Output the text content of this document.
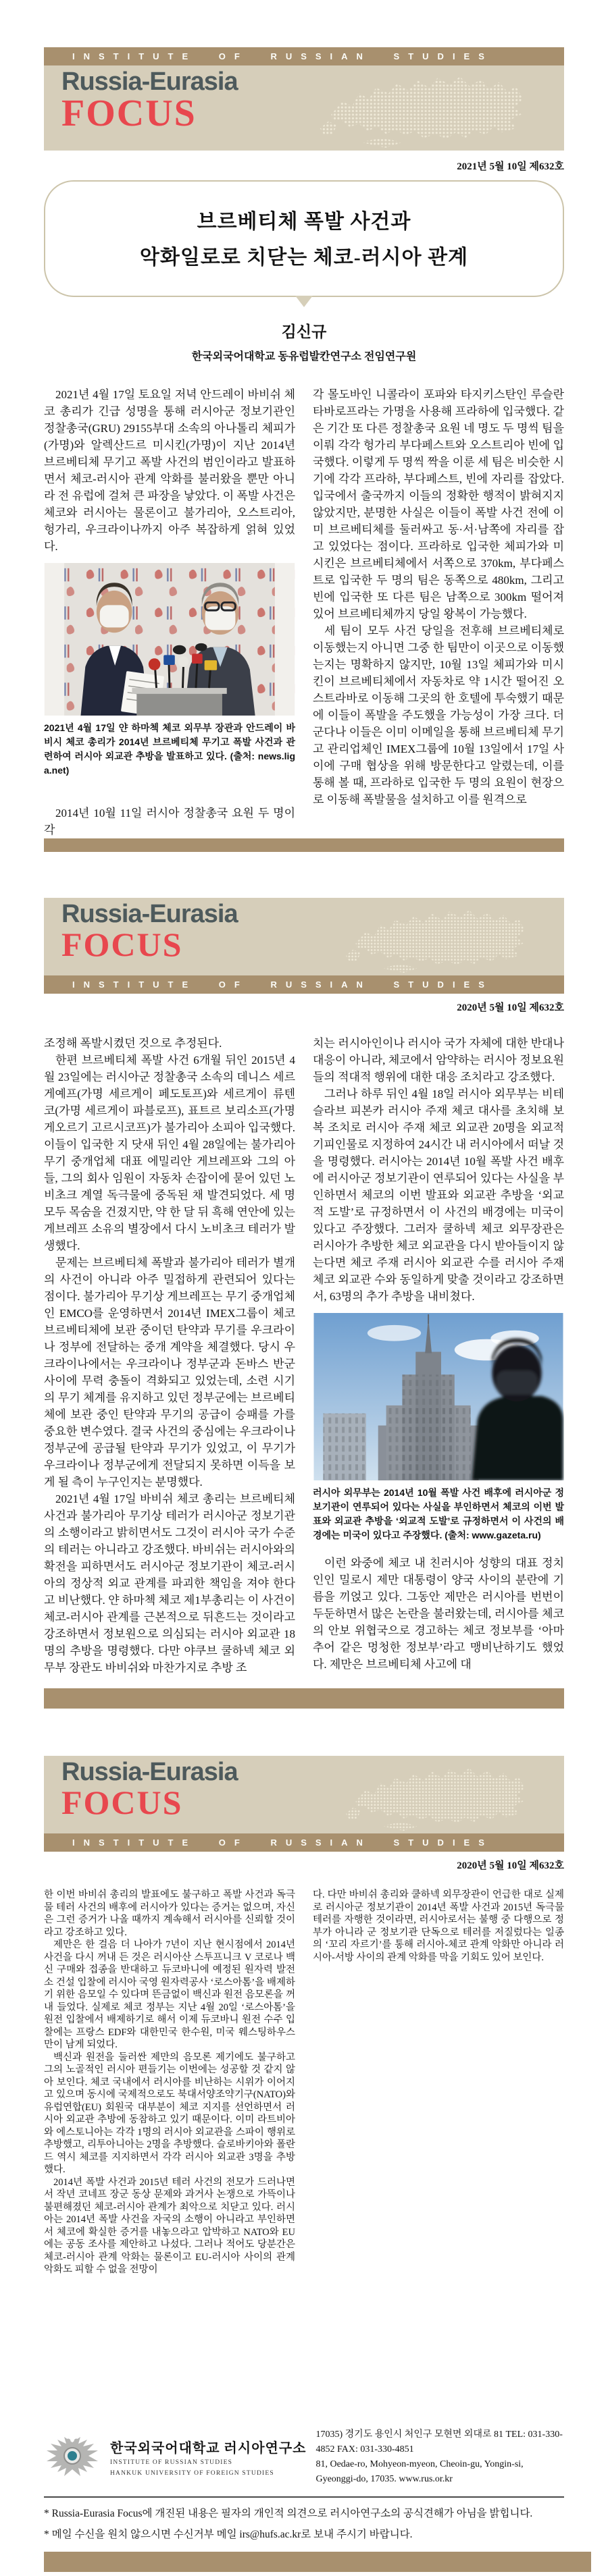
INSTITUTE OF RUSSIAN STUDIES
Russia-Eurasia
FOCUS
2021년 5월 10일 제632호
브르베티체 폭발 사건과
악화일로로 치닫는 체코-러시아 관계
김신규
한국외국어대학교 동유럽발칸연구소 전임연구원

2021년 4월 17일 토요일 저녁 안드레이 바비쉬 체코 총리가 긴급 성명을 통해 러시아군 정보기관인 정찰총국(GRU) 29155부대 소속의 아나톨리 체피가(가명)와 알렉산드르 미시킨(가명)이 지난 2014년 브르베티체 무기고 폭발 사건의 범인이라고 발표하면서 체코-러시아 관계 악화를 불러왔을 뿐만 아니라 전 유럽에 걸쳐 큰 파장을 낳았다. 이 폭발 사건은 체코와 러시아는 물론이고 불가리아, 오스트리아, 헝가리, 우크라이나까지 아주 복잡하게 얽혀 있었다.

2021년 4월 17일 얀 하마첵 체코 외무부 장관과 안드레이 바비시 체코 총리가 2014년 브르베티체 무기고 폭발 사건과 관련하여 러시아 외교관 추방을 발표하고 있다. (출처: news.liga.net)

2014년 10월 11일 러시아 정찰총국 요원 두 명이 각

각 몰도바인 니콜라이 포파와 타지키스탄인 루슬란 타바로프라는 가명을 사용해 프라하에 입국했다. 같은 기간 또 다른 정찰총국 요원 네 명도 두 명씩 팀을 이뤄 각각 헝가리 부다페스트와 오스트리아 빈에 입국했다. 이렇게 두 명씩 짝을 이룬 세 팀은 비슷한 시기에 각각 프라하, 부다페스트, 빈에 자리를 잡았다. 입국에서 출국까지 이들의 정확한 행적이 밝혀지지 않았지만, 분명한 사실은 이들이 폭발 사건 전에 이미 브르베티체를 둘러싸고 동·서·남쪽에 자리를 잡고 있었다는 점이다. 프라하로 입국한 체피가와 미시킨은 브르베티체에서 서쪽으로 370km, 부다페스트로 입국한 두 명의 팀은 동쪽으로 480km, 그리고 빈에 입국한 또 다른 팀은 남쪽으로 300km 떨어져 있어 브르베티체까지 당일 왕복이 가능했다.

세 팀이 모두 사건 당일을 전후해 브르베티체로 이동했는지 아니면 그중 한 팀만이 이곳으로 이동했는지는 명확하지 않지만, 10월 13일 체피가와 미시킨이 브르베티체에서 자동차로 약 1시간 떨어진 오스트라바로 이동해 그곳의 한 호텔에 투숙했기 때문에 이들이 폭발을 주도했을 가능성이 가장 크다. 더군다나 이들은 이미 이메일을 통해 브르베티체 무기고 관리업체인 IMEX그룹에 10월 13일에서 17일 사이에 구매 협상을 위해 방문한다고 알렸는데, 이를 통해 볼 때, 프라하로 입국한 두 명의 요원이 현장으로 이동해 폭발물을 설치하고 이를 원격으로

Russia-Eurasia
FOCUS
INSTITUTE OF RUSSIAN STUDIES
2020년 5월 10일 제632호

조정해 폭발시켰던 것으로 추정된다.

한편 브르베티체 폭발 사건 6개월 뒤인 2015년 4월 23일에는 러시아군 정찰총국 소속의 데니스 세르게예프(가명 세르게이 페도토프)와 세르게이 류텐코(가명 세르게이 파블로프), 표트르 보리소프(가명 게오르기 고르시코프)가 불가리아 소피아 입국했다. 이들이 입국한 지 닷새 뒤인 4월 28일에는 불가리아 무기 중개업체 대표 에밀리안 게브레프와 그의 아들, 그의 회사 임원이 자동차 손잡이에 묻어 있던 노비초크 계열 독극물에 중독된 채 발견되었다. 세 명 모두 목숨을 건졌지만, 약 한 달 뒤 흑해 연안에 있는 게브레프 소유의 별장에서 다시 노비초크 테러가 발생했다.

문제는 브르베티체 폭발과 불가리아 테러가 별개의 사건이 아니라 아주 밀접하게 관련되어 있다는 점이다. 불가리아 무기상 게브레프는 무기 중개업체인 EMCO를 운영하면서 2014년 IMEX그룹이 체코 브르베티체에 보관 중이던 탄약과 무기를 우크라이나 정부에 전달하는 중개 계약을 체결했다. 당시 우크라이나에서는 우크라이나 정부군과 돈바스 반군 사이에 무력 충돌이 격화되고 있었는데, 소련 시기의 무기 체계를 유지하고 있던 정부군에는 브르베티체에 보관 중인 탄약과 무기의 공급이 승패를 가를 중요한 변수였다. 결국 사건의 중심에는 우크라이나 정부군에 공급될 탄약과 무기가 있었고, 이 무기가 우크라이나 정부군에게 전달되지 못하면 이득을 보게 될 측이 누구인지는 분명했다.

2021년 4월 17일 바비쉬 체코 총리는 브르베티체 사건과 불가리아 무기상 테러가 러시아군 정보기관의 소행이라고 밝히면서도 그것이 러시아 국가 수준의 테러는 아니라고 강조했다. 바비쉬는 러시아와의 확전을 피하면서도 러시아군 정보기관이 체코-러시아의 정상적 외교 관계를 파괴한 책임을 져야 한다고 비난했다. 얀 하마첵 체코 제1부총리는 이 사건이 체코-러시아 관계를 근본적으로 뒤흔드는 것이라고 강조하면서 정보원으로 의심되는 러시아 외교관 18명의 추방을 명령했다. 다만 야쿠브 쿨하넥 체코 외무부 장관도 바비쉬와 마찬가지로 추방 조

치는 러시아인이나 러시아 국가 자체에 대한 반대나 대응이 아니라, 체코에서 암약하는 러시아 정보요원들의 적대적 행위에 대한 대응 조치라고 강조했다.

그러나 하루 뒤인 4월 18일 러시아 외무부는 비테슬라브 피본카 러시아 주재 체코 대사를 초치해 보복 조치로 러시아 주재 체코 외교관 20명을 외교적 기피인물로 지정하여 24시간 내 러시아에서 떠날 것을 명령했다. 러시아는 2014년 10월 폭발 사건 배후에 러시아군 정보기관이 연루되어 있다는 사실을 부인하면서 체코의 이번 발표와 외교관 추방을 ‘외교적 도발’로 규정하면서 이 사건의 배경에는 미국이 있다고 주장했다. 그러자 쿨하넥 체코 외무장관은 러시아가 추방한 체코 외교관을 다시 받아들이지 않는다면 체코 주재 러시아 외교관 수를 러시아 주재 체코 외교관 수와 동일하게 맞출 것이라고 강조하면서, 63명의 추가 추방을 내비쳤다.

러시아 외무부는 2014년 10월 폭발 사건 배후에 러시아군 정보기관이 연루되어 있다는 사실을 부인하면서 체코의 이번 발표와 외교관 추방을 ‘외교적 도발’로 규정하면서 이 사건의 배경에는 미국이 있다고 주장했다. (출처: www.gazeta.ru)

이런 와중에 체코 내 친러시아 성향의 대표 정치인인 밀로시 제만 대통령이 양국 사이의 분란에 기름을 끼얹고 있다. 그동안 제만은 러시아를 번번이 두둔하면서 많은 논란을 불러왔는데, 러시아를 체코의 안보 위협국으로 경고하는 체코 정보부를 ‘아마추어 같은 멍청한 정보부’라고 맹비난하기도 했었다. 제만은 브르베티체 사고에 대

Russia-Eurasia
FOCUS
INSTITUTE OF RUSSIAN STUDIES
2020년 5월 10일 제632호

한 이번 바비쉬 총리의 발표에도 불구하고 폭발 사건과 독극물 테러 사건의 배후에 러시아가 있다는 증거는 없으며, 자신은 그런 증거가 나올 때까지 계속해서 러시아를 신뢰할 것이라고 강조하고 있다.

제만은 한 걸음 더 나아가 7년이 지난 현시점에서 2014년 사건을 다시 꺼내 든 것은 러시아산 스투프니크 V 코로나 백신 구매와 접종을 반대하고 듀코바니에 예정된 원자력 발전소 건설 입찰에 러시아 국영 원자력공사 ‘로스아톰’을 배제하기 위한 음모일 수 있다며 뜬금없이 백신과 원전 음모론을 꺼내 들었다. 실제로 체코 정부는 지난 4월 20일 ‘로스아톰’을 원전 입찰에서 배제하기로 해서 이제 듀코바니 원전 수주 입찰에는 프랑스 EDF와 대한민국 한수원, 미국 웨스팅하우스만이 남게 되었다.

백신과 원전을 둘러싼 제만의 음모론 제기에도 불구하고 그의 노골적인 러시아 편들기는 이번에는 성공할 것 같지 않아 보인다. 체코 국내에서 러시아를 비난하는 시위가 이어지고 있으며 동시에 국제적으로도 북대서양조약기구(NATO)와 유럽연합(EU) 회원국 대부분이 체코 지지를 선언하면서 러시아 외교관 추방에 동참하고 있기 때문이다. 이미 라트비아와 에스토니아는 각각 1명의 러시아 외교관을 스파이 행위로 추방했고, 리투아니아는 2명을 추방했다. 슬로바키아와 폴란드 역시 체코를 지지하면서 각각 러시아 외교관 3명을 추방했다.

2014년 폭발 사건과 2015년 테러 사건의 전모가 드러나면서 작년 코네프 장군 동상 문제와 과거사 논쟁으로 가뜩이나 불편해졌던 체코-러시아 관계가 최악으로 치닫고 있다. 러시아는 2014년 폭발 사건을 자국의 소행이 아니라고 부인하면서 체코에 확실한 증거를 내놓으라고 압박하고 NATO와 EU에는 공동 조사를 제안하고 나섰다. 그러나 적어도 당분간은 체코-러시아 관계 악화는 물론이고 EU-러시아 사이의 관계 악화도 피할 수 없을 전망이

다. 다만 바비쉬 총리와 쿨하넥 외무장관이 언급한 대로 실제로 러시아군 정보기관이 2014년 폭발 사건과 2015년 독극물 테러를 자행한 것이라면, 러시아로서는 불행 중 다행으로 정부가 아니라 군 정보기관 단독으로 테러를 저질렀다는 일종의 ‘꼬리 자르기’를 통해 러시아-체코 관계 악화만 아니라 러시아-서방 사이의 관계 악화를 막을 기회도 있어 보인다.

한국외국어대학교 러시아연구소
INSTITUTE OF RUSSIAN STUDIES
HANKUK UNIVERSITY OF FOREIGN STUDIES
17035) 경기도 용인시 처인구 모현면 외대로 81 TEL: 031-330-4852 FAX: 031-330-4851
81, Oedae-ro, Mohyeon-myeon, Cheoin-gu, Yongin-si, Gyeonggi-do, 17035. www.rus.or.kr
* Russia-Eurasia Focus에 개진된 내용은 필자의 개인적 의견으로 러시아연구소의 공식견해가 아님을 밝힙니다.
* 메일 수신을 원치 않으시면 수신거부 메일 irs@hufs.ac.kr로 보내 주시기 바랍니다.
